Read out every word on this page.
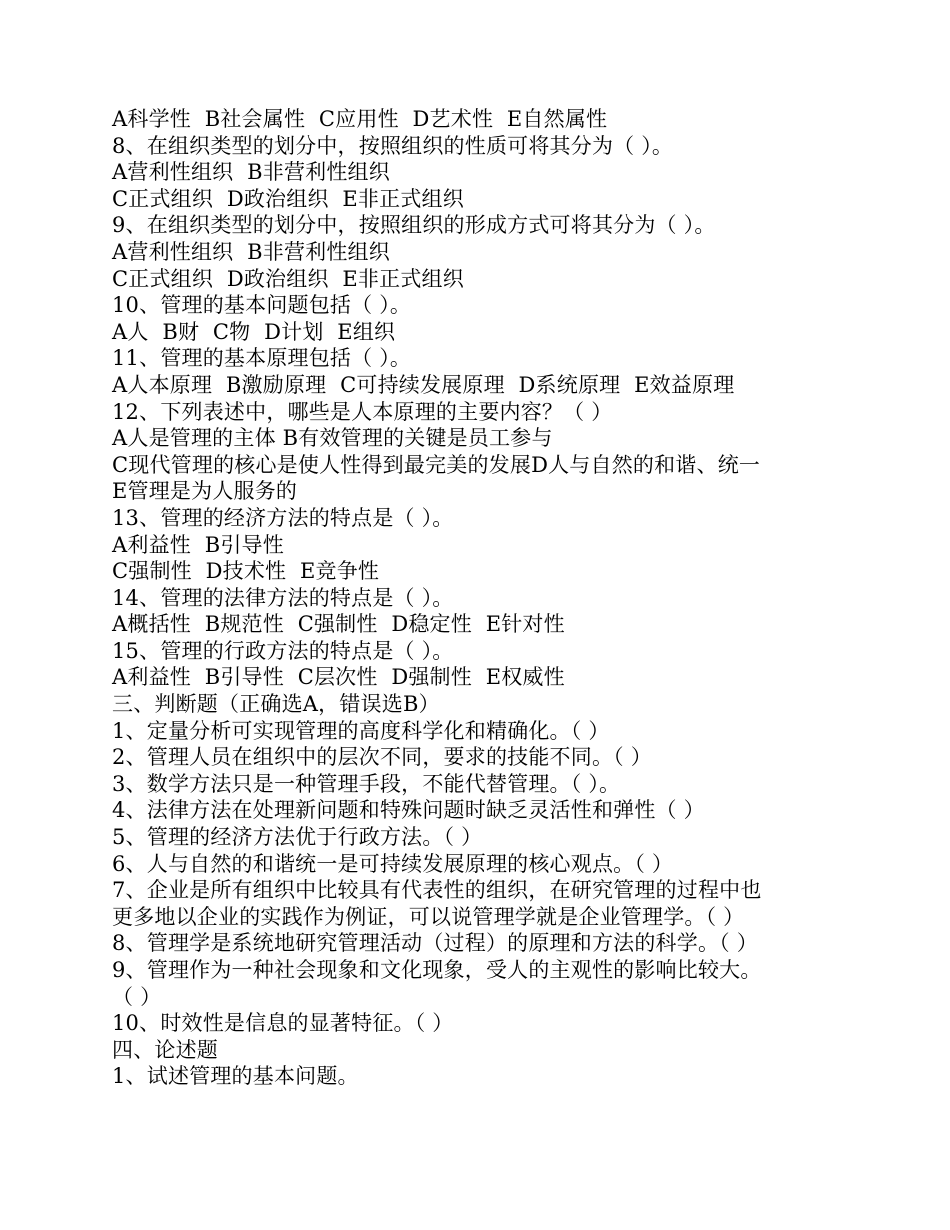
A科学性  B社会属性  C应用性  D艺术性  E自然属性
8、在组织类型的划分中，按照组织的性质可将其分为（ ）。
A营利性组织  B非营利性组织
C正式组织  D政治组织  E非正式组织
9、在组织类型的划分中，按照组织的形成方式可将其分为（ ）。
A营利性组织  B非营利性组织
C正式组织  D政治组织  E非正式组织
10、管理的基本问题包括（ ）。
A人  B财  C物  D计划  E组织
11、管理的基本原理包括（ ）。
A人本原理  B激励原理  C可持续发展原理  D系统原理  E效益原理
12、下列表述中，哪些是人本原理的主要内容？（ ）
A人是管理的主体 B有效管理的关键是员工参与
C现代管理的核心是使人性得到最完美的发展D人与自然的和谐、统一
E管理是为人服务的
13、管理的经济方法的特点是（ ）。
A利益性  B引导性
C强制性  D技术性  E竞争性
14、管理的法律方法的特点是（ ）。
A概括性  B规范性  C强制性  D稳定性  E针对性
15、管理的行政方法的特点是（ ）。
A利益性  B引导性  C层次性  D强制性  E权威性
三、判断题（正确选A，错误选B）
1、定量分析可实现管理的高度科学化和精确化。（ ）
2、管理人员在组织中的层次不同，要求的技能不同。（ ）
3、数学方法只是一种管理手段，不能代替管理。（ ）。
4、法律方法在处理新问题和特殊问题时缺乏灵活性和弹性（ ）
5、管理的经济方法优于行政方法。（ ）
6、人与自然的和谐统一是可持续发展原理的核心观点。（ ）
7、企业是所有组织中比较具有代表性的组织，在研究管理的过程中也
更多地以企业的实践作为例证，可以说管理学就是企业管理学。（ ）
8、管理学是系统地研究管理活动（过程）的原理和方法的科学。（ ）
9、管理作为一种社会现象和文化现象，受人的主观性的影响比较大。
（ ）
10、时效性是信息的显著特征。（ ）
四、论述题
1、试述管理的基本问题。
